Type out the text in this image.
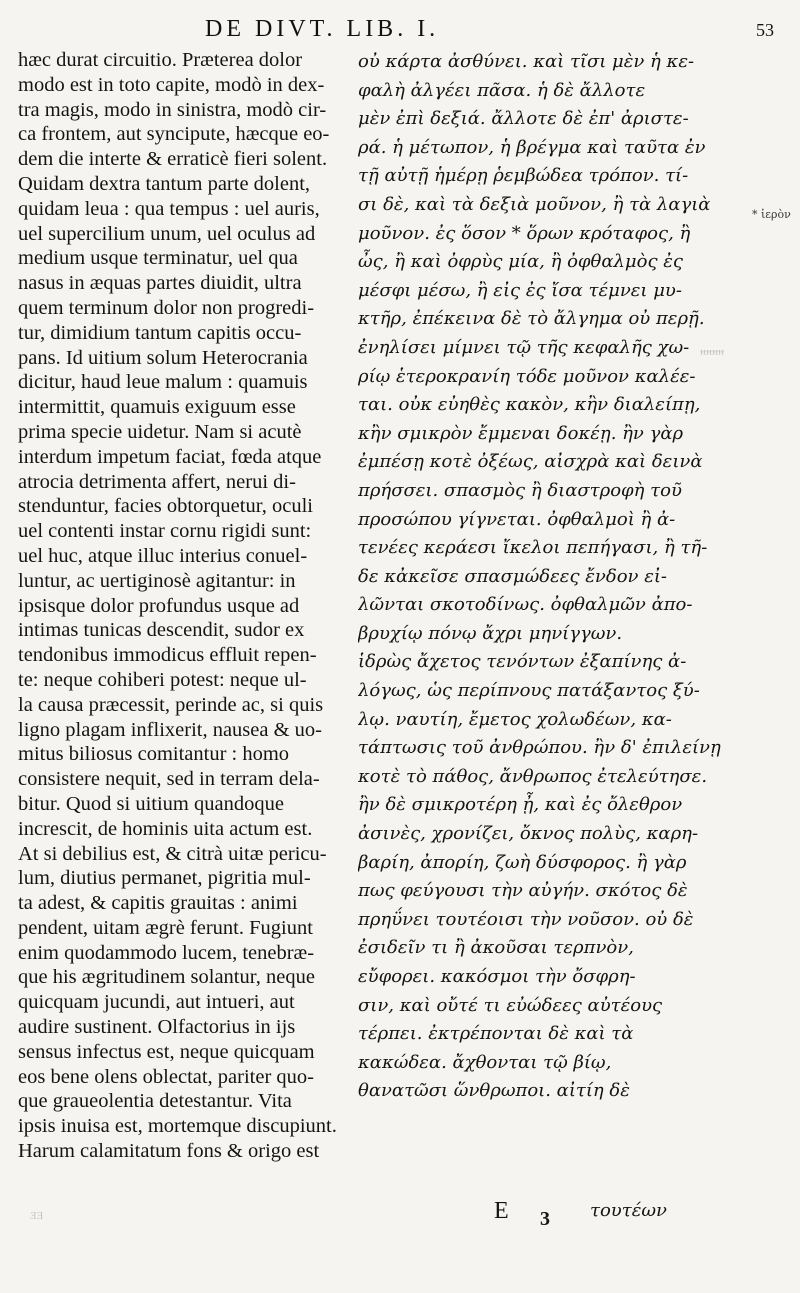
DE DIVT. LIB. I.	53
hæc durat circuitio. Præterea dolor
modo est in toto capite, modò in dex-
tra magis, modo in sinistra, modò cir-
ca frontem, aut syncipute, hæcque eo-
dem die interte & erraticè fieri solent.
Quidam dextra tantum parte dolent,
quidam leua : qua tempus : uel auris,
uel supercilium unum, uel oculus ad
medium usque terminatur, uel qua
nasus in æquas partes diuidit, ultra
quem terminum dolor non progredi-
tur, dimidium tantum capitis occu-
pans. Id uitium solum Heterocrania
dicitur, haud leue malum : quamuis
intermittit, quamuis exiguum esse
prima specie uidetur. Nam si acutè
interdum impetum faciat, fœda atque
atrocia detrimenta affert, nerui di-
stenduntur, facies obtorquetur, oculi
uel contenti instar cornu rigidi sunt:
uel huc, atque illuc interius conuel-
luntur, ac uertiginosè agitantur: in
ipsisque dolor profundus usque ad
intimas tunicas descendit, sudor ex
tendonibus immodicus effluit repen-
te: neque cohiberi potest: neque ul-
la causa præcessit, perinde ac, si quis
ligno plagam inflixerit, nausea & uo-
mitus biliosus comitantur : homo
consistere nequit, sed in terram dela-
bitur. Quod si uitium quandoque
increscit, de hominis uita actum est.
At si debilius est, & citrà uitæ pericu-
lum, diutius permanet, pigritia mul-
ta adest, & capitis grauitas : animi
pendent, uitam ægrè ferunt. Fugiunt
enim quodammodo lucem, tenebræ-
que his ægritudinem solantur, neque
quicquam jucundi, aut intueri, aut
audire sustinent. Olfactorius in ijs
sensus infectus est, neque quicquam
eos bene olens oblectat, pariter quo-
que graueolentia detestantur. Vita
ipsis inuisa est, mortemque discupiunt.
Harum calamitatum fons & origo est
οὐ κάρτα ἀσθύνει. καὶ τῖσι μὲν ἡ κε-
φαλὴ ἀλγέει πᾶσα. ἡ δὲ ἄλλοτε
μὲν ἐπὶ δεξιά. ἄλλοτε δὲ ἐπ' ἀριστε-
ρά. ἡ μέτωπον, ἡ βρέγμα καὶ ταῦτα ἐν
τῇ αὐτῇ ἡμέρῃ ῥεμβώδεα τρόπον. τί-
σι δὲ, καὶ τὰ δεξιὰ μοῦνον, ἢ τὰ λαγιὰ
μοῦνον. ἐς ὅσον * ὅρων κρόταφος, ἢ
ὦς, ἢ καὶ ὀφρὺς μία, ἢ ὀφθαλμὸς ἐς
μέσφι μέσω, ἢ εἰς ἐς ἴσα τέμνει μυ-
κτῆρ, ἐπέκεινα δὲ τὸ ἄλγημα οὐ περῇ.
ἐνηλίσει μίμνει τῷ τῆς κεφαλῆς χω-
ρίῳ ἑτεροκρανίη τόδε μοῦνον καλέε-
ται. οὐκ εὐηθὲς κακὸν, κἢν διαλείπῃ,
κἢν σμικρὸν ἔμμεναι δοκέῃ. ἢν γὰρ
ἐμπέσῃ κοτὲ ὀξέως, αἰσχρὰ καὶ δεινὰ
πρήσσει. σπασμὸς ἢ διαστροφὴ τοῦ
προσώπου γίγνεται. ὀφθαλμοὶ ἢ ἀ-
τενέες κεράεσι ἴκελοι πεπήγασι, ἢ τῆ-
δε κἀκεῖσε σπασμώδεες ἔνδον εἰ-
λῶνται σκοτοδίνως. ὀφθαλμῶν ἀπο-
βρυχίῳ πόνῳ ἄχρι μηνίγγων.
ἱδρὼς ἄχετος τενόντων ἐξαπίνης ἀ-
λόγως, ὡς περίπνους πατάξαντος ξύ-
λῳ. ναυτίη, ἔμετος χολωδέων, κα-
τάπτωσις τοῦ ἀνθρώπου. ἢν δ' ἐπιλείνῃ
κοτὲ τὸ πάθος, ἄνθρωπος ἐτελεύτησε.
ἢν δὲ σμικροτέρη ᾖ, καὶ ἐς ὄλεθρον
ἀσινὲς, χρονίζει, ὄκνος πολὺς, καρη-
βαρίη, ἀπορίη, ζωὴ δύσφορος. ἢ γὰρ
πως φεύγουσι τὴν αὐγήν. σκότος δὲ
πρηΰνει τουτέοισι τὴν νοῦσον. οὐ δὲ
ἐσιδεῖν τι ἢ ἀκοῦσαι τερπνὸν,
εὔφορει. κακόσμοι τὴν ὄσφρη-
σιν, καὶ οὔτέ τι εὐώδεες αὐτέους
τέρπει. ἐκτρέπονται δὲ καὶ τὰ
κακώδεα. ἄχθονται τῷ βίῳ,
θανατῶσι ὥνθρωποι. αἰτίη δὲ
* ἰερὸν
ꟸꟸꟸꟸ
E 3 τουτέων
ᴲᴲ
